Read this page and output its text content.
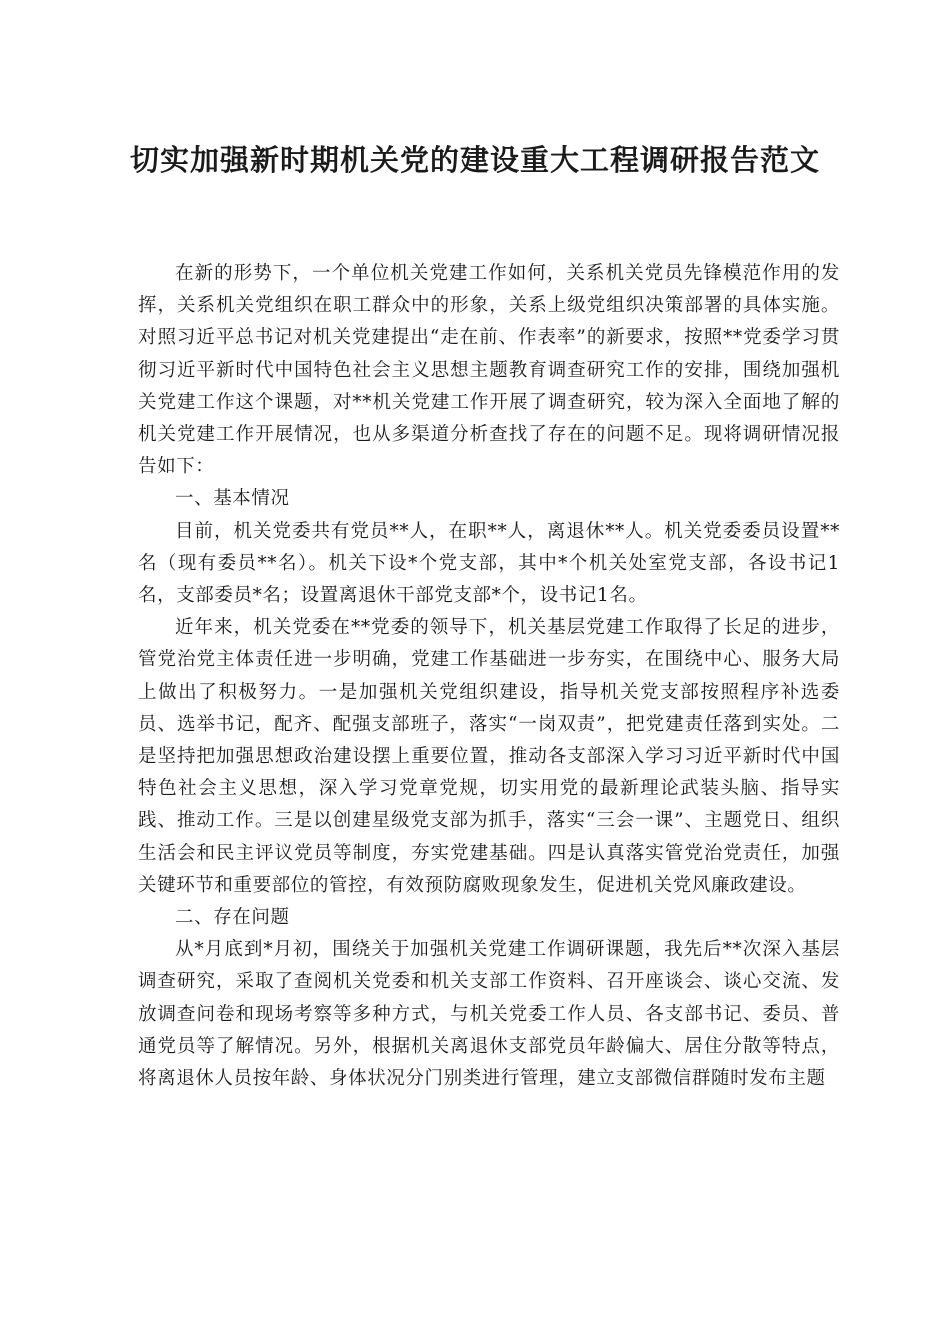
切实加强新时期机关党的建设重大工程调研报告范文

在新的形势下，一个单位机关党建工作如何，关系机关党员先锋模范作用的发挥，关系机关党组织在职工群众中的形象，关系上级党组织决策部署的具体实施。对照习近平总书记对机关党建提出“走在前、作表率”的新要求，按照**党委学习贯彻习近平新时代中国特色社会主义思想主题教育调查研究工作的安排，围绕加强机关党建工作这个课题，对**机关党建工作开展了调查研究，较为深入全面地了解的机关党建工作开展情况，也从多渠道分析查找了存在的问题不足。现将调研情况报告如下：

一、基本情况

目前，机关党委共有党员**人，在职**人，离退休**人。机关党委委员设置**名（现有委员**名）。机关下设*个党支部，其中*个机关处室党支部，各设书记1名，支部委员*名；设置离退休干部党支部*个，设书记1名。

近年来，机关党委在**党委的领导下，机关基层党建工作取得了长足的进步，管党治党主体责任进一步明确，党建工作基础进一步夯实，在围绕中心、服务大局上做出了积极努力。一是加强机关党组织建设，指导机关党支部按照程序补选委员、选举书记，配齐、配强支部班子，落实“一岗双责”，把党建责任落到实处。二是坚持把加强思想政治建设摆上重要位置，推动各支部深入学习习近平新时代中国特色社会主义思想，深入学习党章党规，切实用党的最新理论武装头脑、指导实践、推动工作。三是以创建星级党支部为抓手，落实“三会一课”、主题党日、组织生活会和民主评议党员等制度，夯实党建基础。四是认真落实管党治党责任，加强关键环节和重要部位的管控，有效预防腐败现象发生，促进机关党风廉政建设。

二、存在问题

从*月底到*月初，围绕关于加强机关党建工作调研课题，我先后**次深入基层调查研究，采取了查阅机关党委和机关支部工作资料、召开座谈会、谈心交流、发放调查问卷和现场考察等多种方式，与机关党委工作人员、各支部书记、委员、普通党员等了解情况。另外，根据机关离退休支部党员年龄偏大、居住分散等特点，将离退休人员按年龄、身体状况分门别类进行管理，建立支部微信群随时发布主题
